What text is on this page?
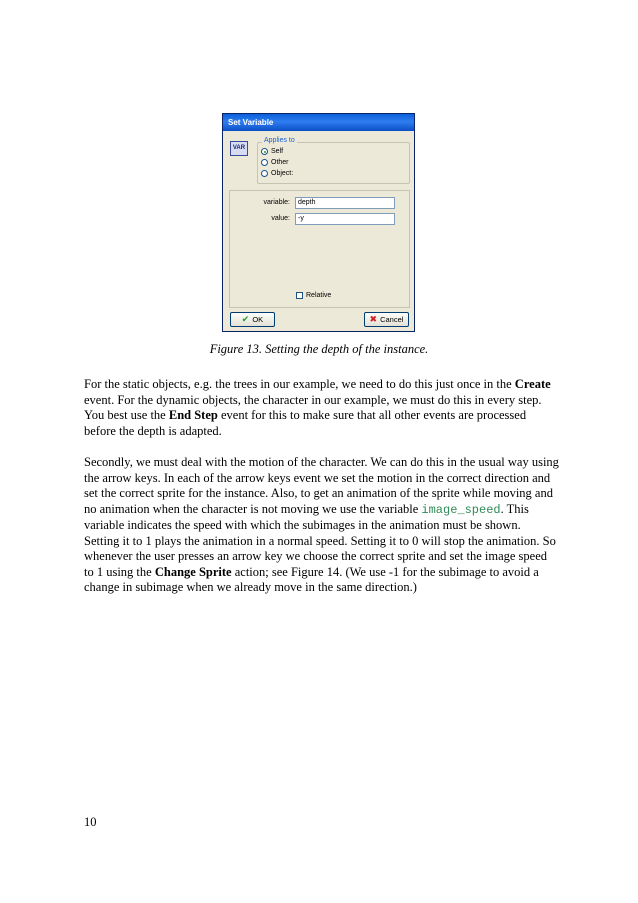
Set Variable
VAR
Applies to
Self
Other
Object:
variable:	depth
value:	-y
Relative
✔ OK	✖ Cancel
Figure 13. Setting the depth of the instance.

For the static objects, e.g. the trees in our example, we need to do this just once in the Create event. For the dynamic objects, the character in our example, we must do this in every step. You best use the End Step event for this to make sure that all other events are processed before the depth is adapted.

Secondly, we must deal with the motion of the character. We can do this in the usual way using the arrow keys. In each of the arrow keys event we set the motion in the correct direction and set the correct sprite for the instance. Also, to get an animation of the sprite while moving and no animation when the character is not moving we use the variable image_speed. This variable indicates the speed with which the subimages in the animation must be shown. Setting it to 1 plays the animation in a normal speed. Setting it to 0 will stop the animation. So whenever the user presses an arrow key we choose the correct sprite and set the image speed to 1 using the Change Sprite action; see Figure 14. (We use -1 for the subimage to avoid a change in subimage when we already move in the same direction.)

10
